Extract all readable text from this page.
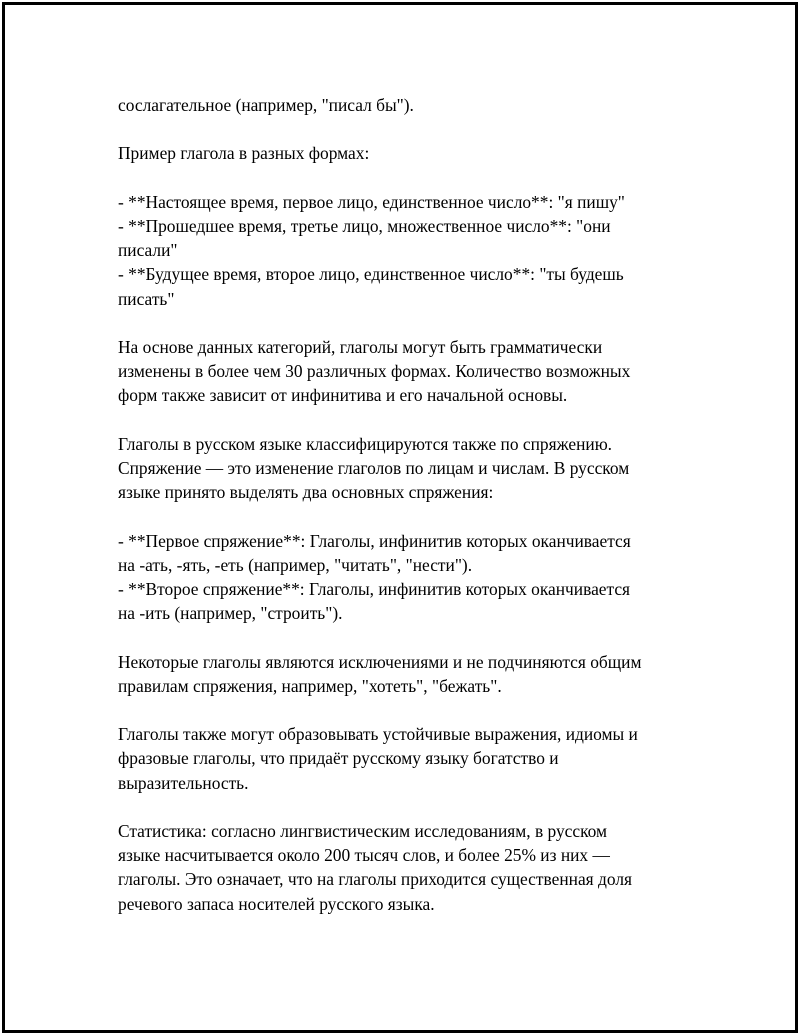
сослагательное (например, "писал бы").
Пример глагола в разных формах:
- **Настоящее время, первое лицо, единственное число**: "я пишу"
- **Прошедшее время, третье лицо, множественное число**: "они
писали"
- **Будущее время, второе лицо, единственное число**: "ты будешь
писать"
На основе данных категорий, глаголы могут быть грамматически
изменены в более чем 30 различных формах. Количество возможных
форм также зависит от инфинитива и его начальной основы.
Глаголы в русском языке классифицируются также по спряжению.
Спряжение — это изменение глаголов по лицам и числам. В русском
языке принято выделять два основных спряжения:
- **Первое спряжение**: Глаголы, инфинитив которых оканчивается
на -ать, -ять, -еть (например, "читать", "нести").
- **Второе спряжение**: Глаголы, инфинитив которых оканчивается
на -ить (например, "строить").
Некоторые глаголы являются исключениями и не подчиняются общим
правилам спряжения, например, "хотеть", "бежать".
Глаголы также могут образовывать устойчивые выражения, идиомы и
фразовые глаголы, что придаёт русскому языку богатство и
выразительность.
Статистика: согласно лингвистическим исследованиям, в русском
языке насчитывается около 200 тысяч слов, и более 25% из них —
глаголы. Это означает, что на глаголы приходится существенная доля
речевого запаса носителей русского языка.
